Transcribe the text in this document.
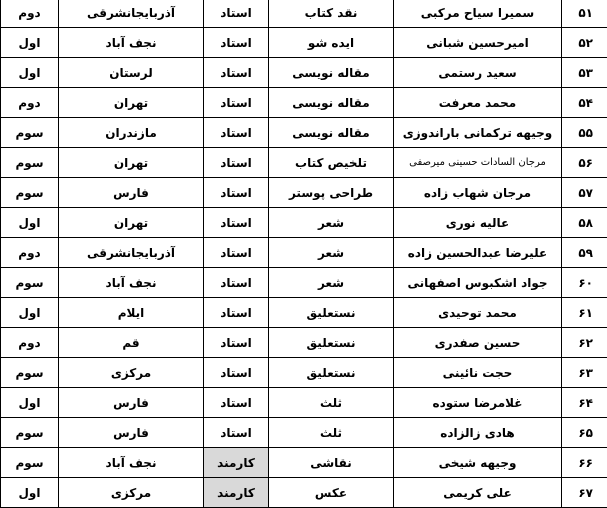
۵۱	سمیرا سیاح مرکبی	نقد کتاب	استاد	آذربایجانشرقی	دوم
۵۲	امیرحسین شبانی	ایده شو	استاد	نجف آباد	اول
۵۳	سعید رستمی	مقاله نویسی	استاد	لرستان	اول
۵۴	محمد معرفت	مقاله نویسی	استاد	تهران	دوم
۵۵	وجیهه ترکمانی باراندوزی	مقاله نویسی	استاد	مازندران	سوم
۵۶	مرجان السادات حسینی میرصفی	تلخیص کتاب	استاد	تهران	سوم
۵۷	مرجان شهاب زاده	طراحی پوستر	استاد	فارس	سوم
۵۸	عالیه نوری	شعر	استاد	تهران	اول
۵۹	علیرضا عبدالحسین زاده	شعر	استاد	آذربایجانشرقی	دوم
۶۰	جواد اشکبوس اصفهانی	شعر	استاد	نجف آباد	سوم
۶۱	محمد توحیدی	نستعلیق	استاد	ایلام	اول
۶۲	حسین صفدری	نستعلیق	استاد	قم	دوم
۶۳	حجت نائینی	نستعلیق	استاد	مرکزی	سوم
۶۴	غلامرضا ستوده	ثلث	استاد	فارس	اول
۶۵	هادی زالزاده	ثلث	استاد	فارس	سوم
۶۶	وجیهه شیخی	نقاشی	کارمند	نجف آباد	سوم
۶۷	علی کریمی	عکس	کارمند	مرکزی	اول
